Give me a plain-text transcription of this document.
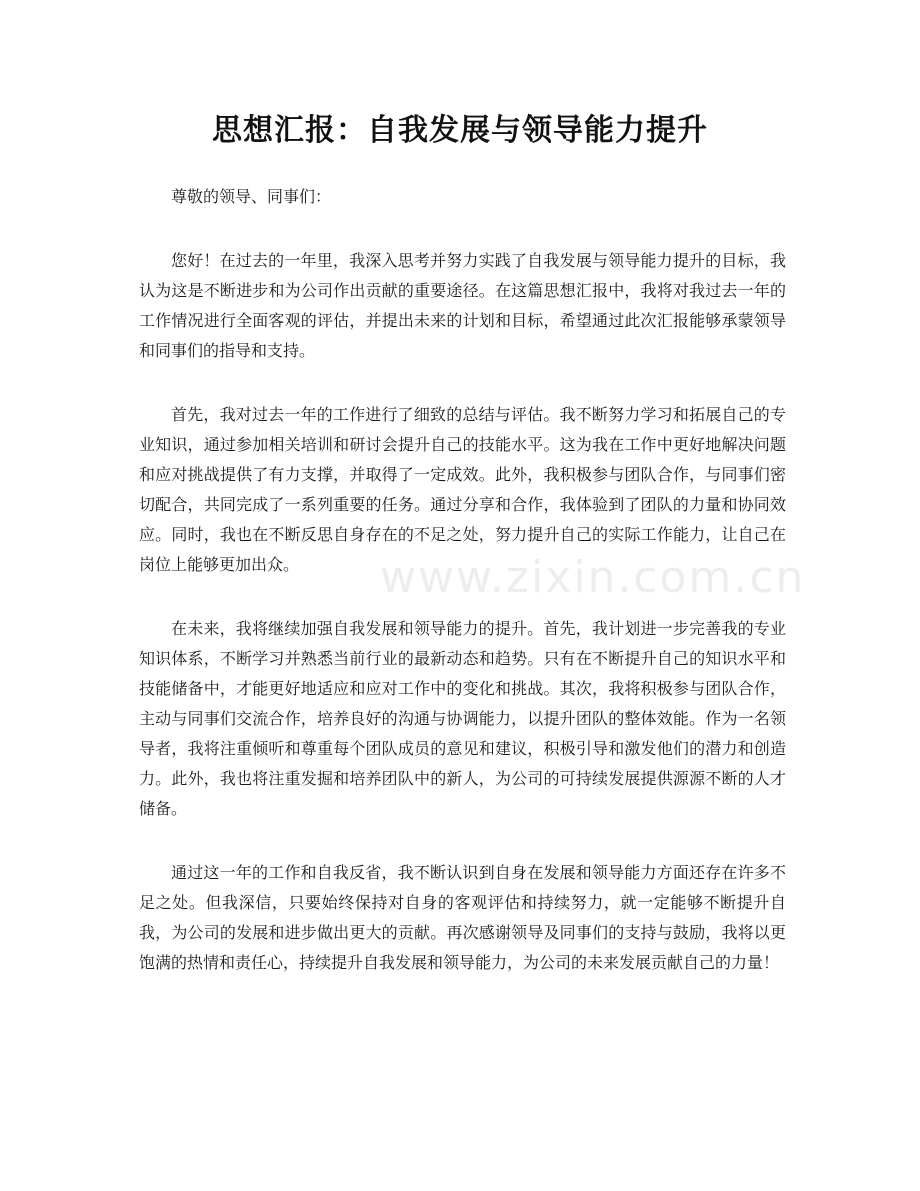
思想汇报：自我发展与领导能力提升
www.zixin.com.cn

尊敬的领导、同事们：

您好！在过去的一年里，我深入思考并努力实践了自我发展与领导能力提升的目标，我认为这是不断进步和为公司作出贡献的重要途径。在这篇思想汇报中，我将对我过去一年的工作情况进行全面客观的评估，并提出未来的计划和目标，希望通过此次汇报能够承蒙领导和同事们的指导和支持。

首先，我对过去一年的工作进行了细致的总结与评估。我不断努力学习和拓展自己的专业知识，通过参加相关培训和研讨会提升自己的技能水平。这为我在工作中更好地解决问题和应对挑战提供了有力支撑，并取得了一定成效。此外，我积极参与团队合作，与同事们密切配合，共同完成了一系列重要的任务。通过分享和合作，我体验到了团队的力量和协同效应。同时，我也在不断反思自身存在的不足之处，努力提升自己的实际工作能力，让自己在岗位上能够更加出众。

在未来，我将继续加强自我发展和领导能力的提升。首先，我计划进一步完善我的专业知识体系，不断学习并熟悉当前行业的最新动态和趋势。只有在不断提升自己的知识水平和技能储备中，才能更好地适应和应对工作中的变化和挑战。其次，我将积极参与团队合作，主动与同事们交流合作，培养良好的沟通与协调能力，以提升团队的整体效能。作为一名领导者，我将注重倾听和尊重每个团队成员的意见和建议，积极引导和激发他们的潜力和创造力。此外，我也将注重发掘和培养团队中的新人，为公司的可持续发展提供源源不断的人才储备。

通过这一年的工作和自我反省，我不断认识到自身在发展和领导能力方面还存在许多不足之处。但我深信，只要始终保持对自身的客观评估和持续努力，就一定能够不断提升自我，为公司的发展和进步做出更大的贡献。再次感谢领导及同事们的支持与鼓励，我将以更饱满的热情和责任心，持续提升自我发展和领导能力，为公司的未来发展贡献自己的力量！
